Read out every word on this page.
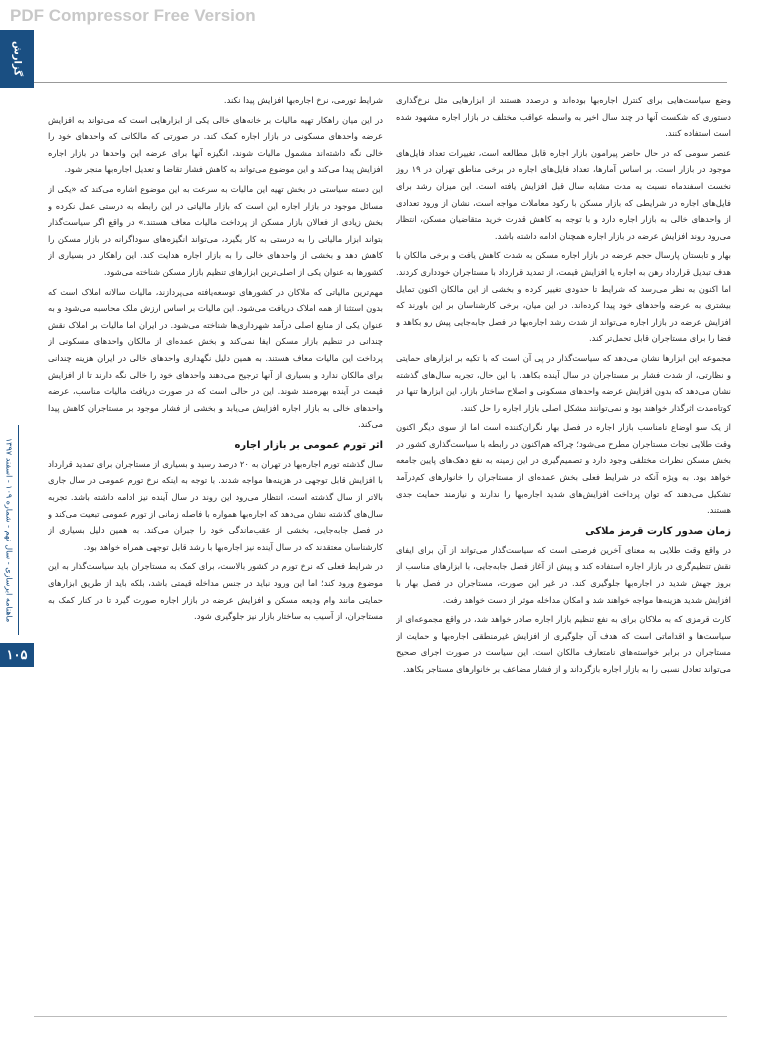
PDF Compressor Free Version
گزارش
ماهنامه ابرسازی - سال نهم - شماره ۱۰۹ - اسفند ۱۳۹۷
۱۰۵

وضع سیاست‌هایی برای کنترل اجاره‌بها بوده‌اند و درصدد هستند از ابزارهایی مثل نرخ‌گذاری دستوری که شکست آنها در چند سال اخیر به واسطه عواقب مختلف در بازار اجاره مشهود شده است استفاده کنند.

عنصر سومی که در حال حاضر پیرامون بازار اجاره قابل مطالعه است، تغییرات تعداد فایل‌های موجود در بازار است. بر اساس آمارها، تعداد فایل‌های اجاره در برخی مناطق تهران در ۱۹ روز نخست اسفندماه نسبت به مدت مشابه سال قبل افزایش یافته است. این میزان رشد برای فایل‌های اجاره در شرایطی که بازار مسکن با رکود معاملات مواجه است، نشان از ورود تعدادی از واحدهای خالی به بازار اجاره دارد و با توجه به کاهش قدرت خرید متقاضیان مسکن، انتظار می‌رود روند افزایش عرضه در بازار اجاره همچنان ادامه داشته باشد.

بهار و تابستان پارسال حجم عرضه در بازار اجاره مسکن به شدت کاهش یافت و برخی مالکان با هدف تبدیل قرارداد رهن به اجاره یا افزایش قیمت، از تمدید قرارداد با مستاجران خودداری کردند. اما اکنون به نظر می‌رسد که شرایط تا حدودی تغییر کرده و بخشی از این مالکان اکنون تمایل بیشتری به عرضه واحدهای خود پیدا کرده‌اند. در این میان، برخی کارشناسان بر این باورند که افزایش عرضه در بازار اجاره می‌تواند از شدت رشد اجاره‌بها در فصل جابه‌جایی پیش رو بکاهد و فضا را برای مستاجران قابل تحمل‌تر کند.

مجموعه این ابزارها نشان می‌دهد که سیاست‌گذار در پی آن است که با تکیه بر ابزارهای حمایتی و نظارتی، از شدت فشار بر مستاجران در سال آینده بکاهد. با این حال، تجربه سال‌های گذشته نشان می‌دهد که بدون افزایش عرضه واحدهای مسکونی و اصلاح ساختار بازار، این ابزارها تنها در کوتاه‌مدت اثرگذار خواهند بود و نمی‌توانند مشکل اصلی بازار اجاره را حل کنند.

از یک سو اوضاع نامناسب بازار اجاره در فصل بهار نگران‌کننده است اما از سوی دیگر اکنون وقت طلایی نجات مستاجران مطرح می‌شود؛ چراکه هم‌اکنون در رابطه با سیاست‌گذاری کشور در بخش مسکن نظرات مختلفی وجود دارد و تصمیم‌گیری در این زمینه به نفع دهک‌های پایین جامعه خواهد بود. به ویژه آنکه در شرایط فعلی بخش عمده‌ای از مستاجران را خانوارهای کم‌درآمد تشکیل می‌دهند که توان پرداخت افزایش‌های شدید اجاره‌بها را ندارند و نیازمند حمایت جدی هستند.

زمان صدور کارت قرمز ملاکی

در واقع وقت طلایی به معنای آخرین فرصتی است که سیاست‌گذار می‌تواند از آن برای ایفای نقش تنظیم‌گری در بازار اجاره استفاده کند و پیش از آغاز فصل جابه‌جایی، با ابزارهای مناسب از بروز جهش شدید در اجاره‌بها جلوگیری کند. در غیر این صورت، مستاجران در فصل بهار با افزایش شدید هزینه‌ها مواجه خواهند شد و امکان مداخله موثر از دست خواهد رفت.

کارت قرمزی که به ملاکان برای به نفع تنظیم بازار اجاره صادر خواهد شد، در واقع مجموعه‌ای از سیاست‌ها و اقداماتی است که هدف آن جلوگیری از افزایش غیرمنطقی اجاره‌بها و حمایت از مستاجران در برابر خواسته‌های نامتعارف مالکان است. این سیاست در صورت اجرای صحیح می‌تواند تعادل نسبی را به بازار اجاره بازگرداند و از فشار مضاعف بر خانوارهای مستاجر بکاهد.

شرایط تورمی، نرخ اجاره‌بها افزایش پیدا نکند.

در این میان راهکار تهیه مالیات بر خانه‌های خالی یکی از ابزارهایی است که می‌تواند به افزایش عرضه واحدهای مسکونی در بازار اجاره کمک کند. در صورتی که مالکانی که واحدهای خود را خالی نگه داشته‌اند مشمول مالیات شوند، انگیزه آنها برای عرضه این واحدها در بازار اجاره افزایش پیدا می‌کند و این موضوع می‌تواند به کاهش فشار تقاضا و تعدیل اجاره‌بها منجر شود.

این دسته سیاستی در بخش تهیه این مالیات به سرعت به این موضوع اشاره می‌کند که «یکی از مسائل موجود در بازار اجاره این است که بازار مالیاتی در این رابطه به درستی عمل نکرده و بخش زیادی از فعالان بازار مسکن از پرداخت مالیات معاف هستند.» در واقع اگر سیاست‌گذار بتواند ابزار مالیاتی را به درستی به کار بگیرد، می‌تواند انگیزه‌های سوداگرانه در بازار مسکن را کاهش دهد و بخشی از واحدهای خالی را به بازار اجاره هدایت کند. این راهکار در بسیاری از کشورها به عنوان یکی از اصلی‌ترین ابزارهای تنظیم بازار مسکن شناخته می‌شود.

مهم‌ترین مالیاتی که ملاکان در کشورهای توسعه‌یافته می‌پردازند، مالیات سالانه املاک است که بدون استثنا از همه املاک دریافت می‌شود. این مالیات بر اساس ارزش ملک محاسبه می‌شود و به عنوان یکی از منابع اصلی درآمد شهرداری‌ها شناخته می‌شود. در ایران اما مالیات بر املاک نقش چندانی در تنظیم بازار مسکن ایفا نمی‌کند و بخش عمده‌ای از مالکان واحدهای مسکونی از پرداخت این مالیات معاف هستند. به همین دلیل نگهداری واحدهای خالی در ایران هزینه چندانی برای مالکان ندارد و بسیاری از آنها ترجیح می‌دهند واحدهای خود را خالی نگه دارند تا از افزایش قیمت در آینده بهره‌مند شوند. این در حالی است که در صورت دریافت مالیات مناسب، عرضه واحدهای خالی به بازار اجاره افزایش می‌یابد و بخشی از فشار موجود بر مستاجران کاهش پیدا می‌کند.

اثر تورم عمومی بر بازار اجاره

سال گذشته تورم اجاره‌بها در تهران به ۲۰ درصد رسید و بسیاری از مستاجران برای تمدید قرارداد با افزایش قابل توجهی در هزینه‌ها مواجه شدند. با توجه به اینکه نرخ تورم عمومی در سال جاری بالاتر از سال گذشته است، انتظار می‌رود این روند در سال آینده نیز ادامه داشته باشد. تجربه سال‌های گذشته نشان می‌دهد که اجاره‌بها همواره با فاصله زمانی از تورم عمومی تبعیت می‌کند و در فصل جابه‌جایی، بخشی از عقب‌ماندگی خود را جبران می‌کند. به همین دلیل بسیاری از کارشناسان معتقدند که در سال آینده نیز اجاره‌بها با رشد قابل توجهی همراه خواهد بود.

در شرایط فعلی که نرخ تورم در کشور بالاست، برای کمک به مستاجران باید سیاست‌گذار به این موضوع ورود کند؛ اما این ورود نباید در جنس مداخله قیمتی باشد، بلکه باید از طریق ابزارهای حمایتی مانند وام ودیعه مسکن و افزایش عرضه در بازار اجاره صورت گیرد تا در کنار کمک به مستاجران، از آسیب به ساختار بازار نیز جلوگیری شود.
